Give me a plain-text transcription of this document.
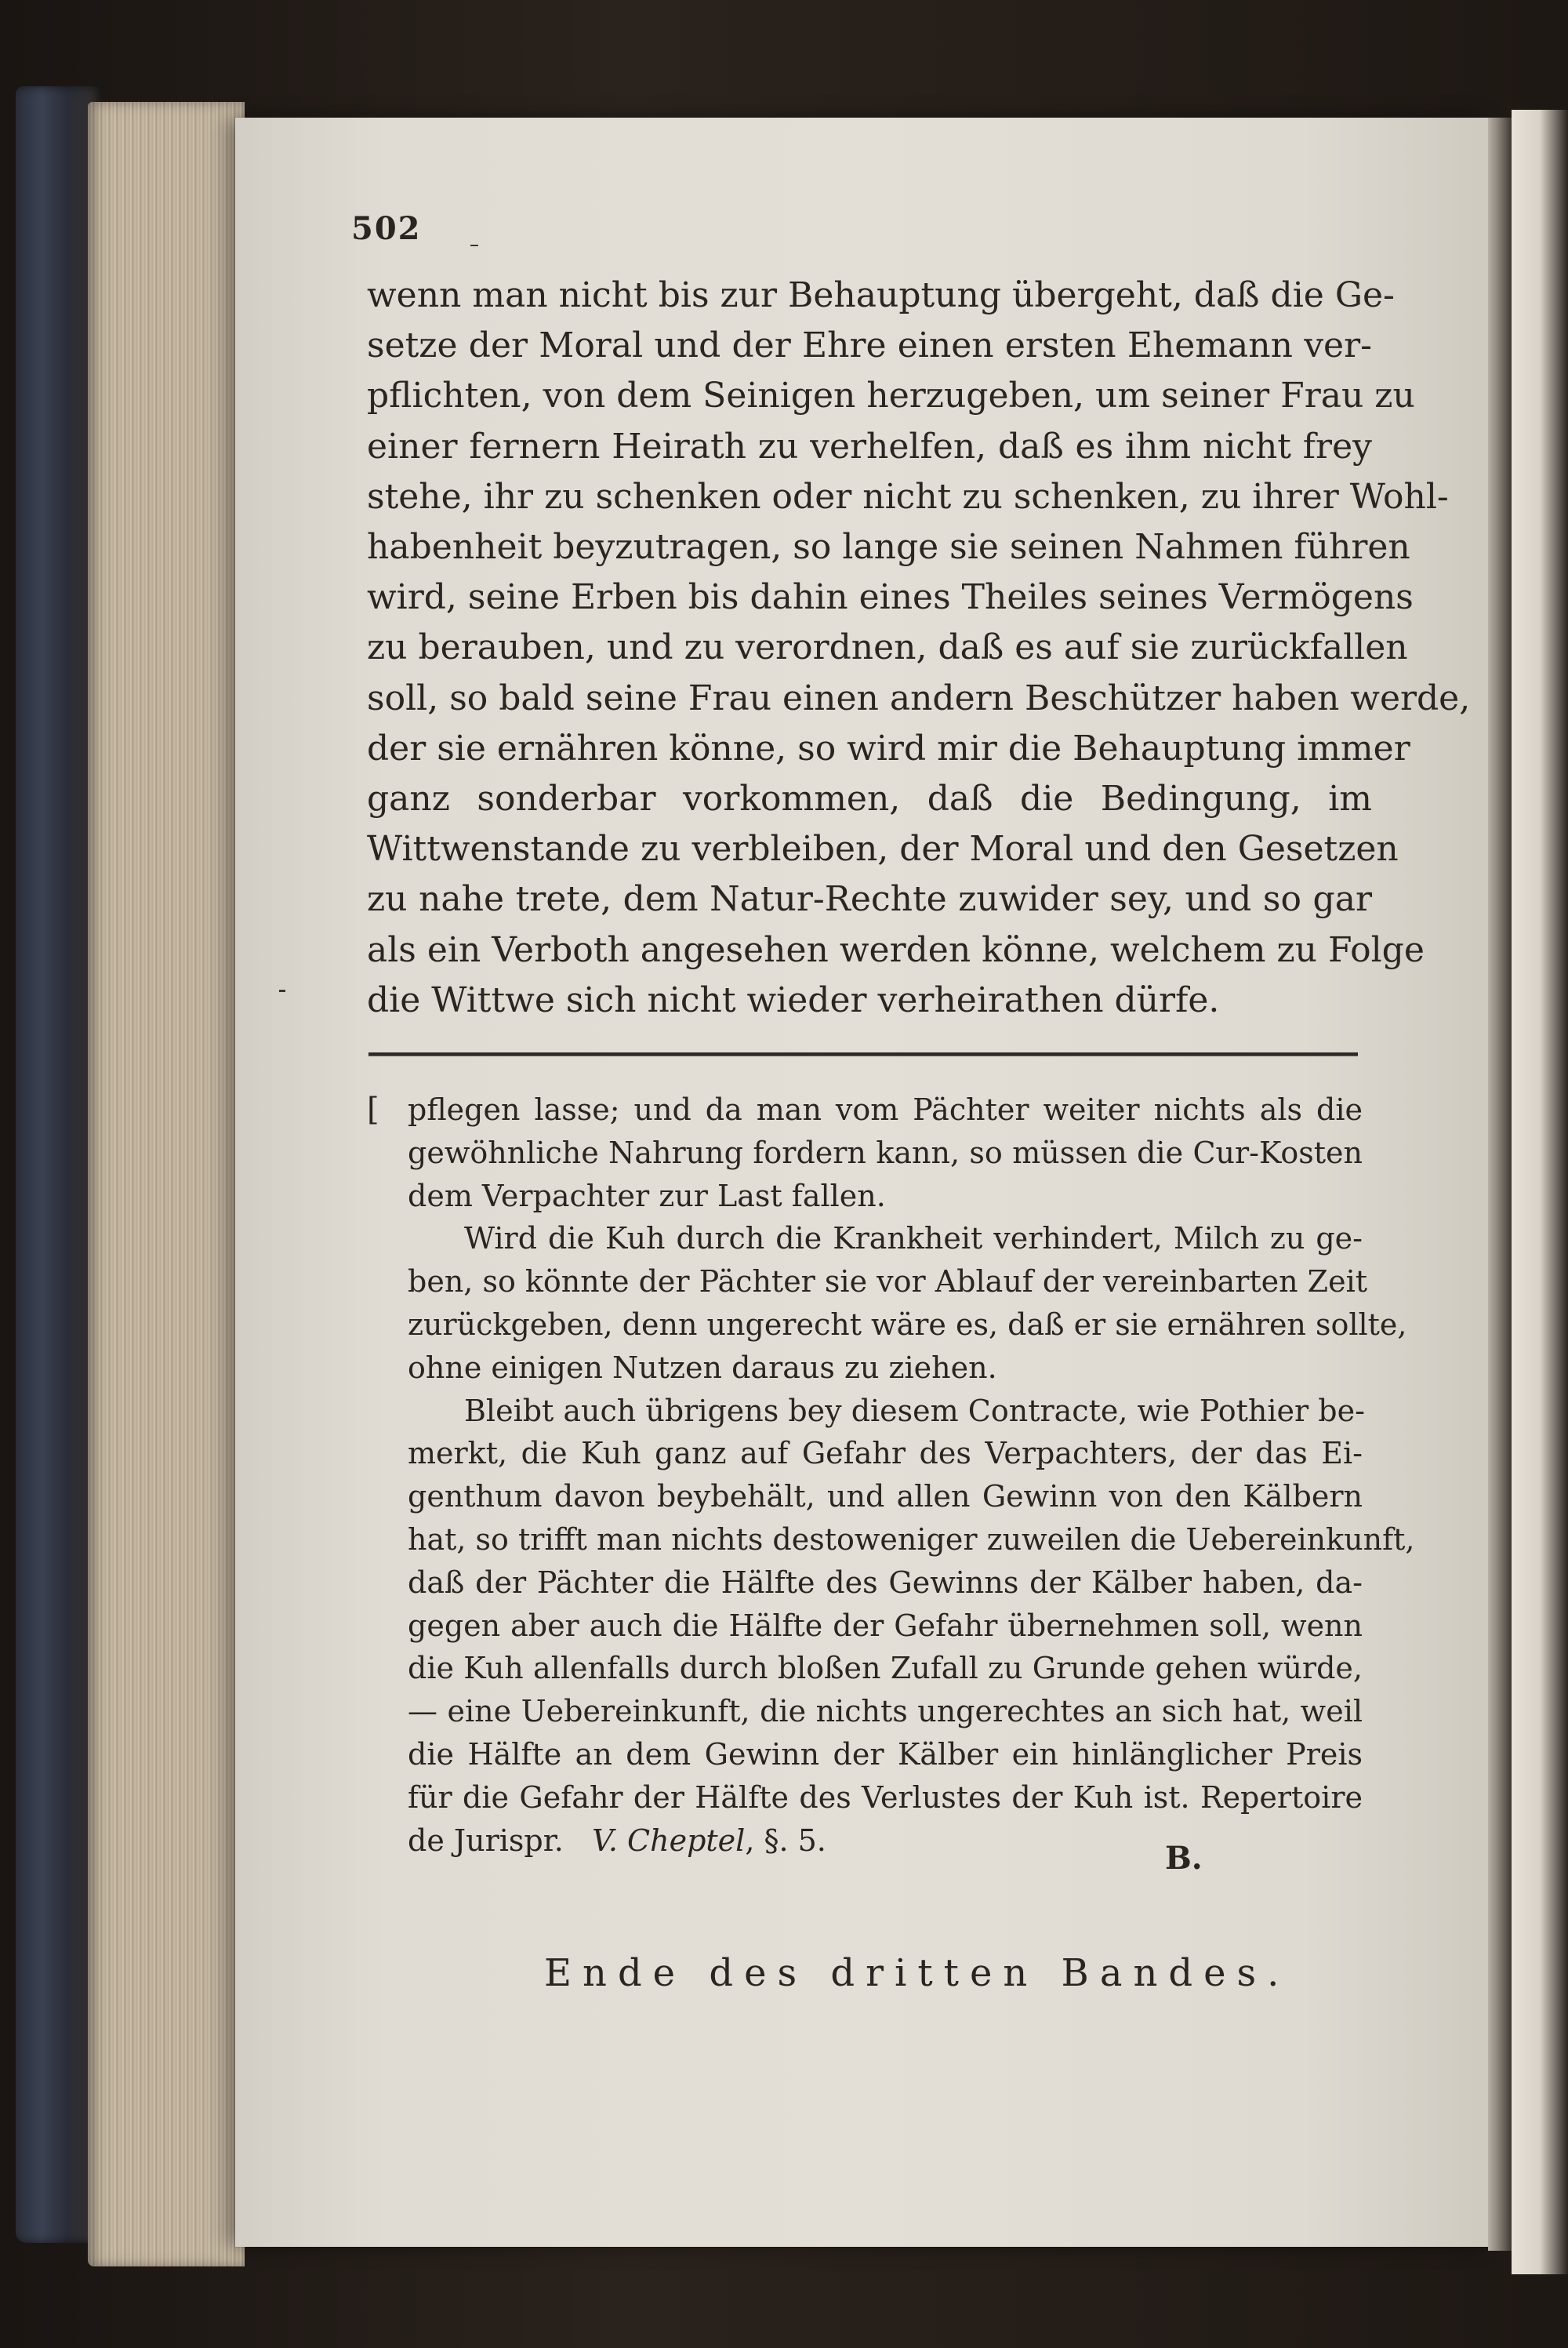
502
wenn man nicht bis zur Behauptung übergeht, daß die Ge-
setze der Moral und der Ehre einen ersten Ehemann ver-
pflichten, von dem Seinigen herzugeben, um seiner Frau zu
einer fernern Heirath zu verhelfen, daß es ihm nicht frey
stehe, ihr zu schenken oder nicht zu schenken, zu ihrer Wohl-
habenheit beyzutragen, so lange sie seinen Nahmen führen
wird, seine Erben bis dahin eines Theiles seines Vermögens
zu berauben, und zu verordnen, daß es auf sie zurückfallen
soll, so bald seine Frau einen andern Beschützer haben werde,
der sie ernähren könne, so wird mir die Behauptung immer
ganz sonderbar vorkommen, daß die Bedingung, im
Wittwenstande zu verbleiben, der Moral und den Gesetzen
zu nahe trete, dem Natur-Rechte zuwider sey, und so gar
als ein Verboth angesehen werden könne, welchem zu Folge
die Wittwe sich nicht wieder verheirathen dürfe.
[ pflegen lasse; und da man vom Pächter weiter nichts als die
gewöhnliche Nahrung fordern kann, so müssen die Cur-Kosten
dem Verpachter zur Last fallen.
Wird die Kuh durch die Krankheit verhindert, Milch zu ge-
ben, so könnte der Pächter sie vor Ablauf der vereinbarten Zeit
zurückgeben, denn ungerecht wäre es, daß er sie ernähren sollte,
ohne einigen Nutzen daraus zu ziehen.
Bleibt auch übrigens bey diesem Contracte, wie Pothier be-
merkt, die Kuh ganz auf Gefahr des Verpachters, der das Ei-
genthum davon beybehält, und allen Gewinn von den Kälbern
hat, so trifft man nichts destoweniger zuweilen die Uebereinkunft,
daß der Pächter die Hälfte des Gewinns der Kälber haben, da-
gegen aber auch die Hälfte der Gefahr übernehmen soll, wenn
die Kuh allenfalls durch bloßen Zufall zu Grunde gehen würde,
— eine Uebereinkunft, die nichts ungerechtes an sich hat, weil
die Hälfte an dem Gewinn der Kälber ein hinlänglicher Preis
für die Gefahr der Hälfte des Verlustes der Kuh ist. Repertoire
de Jurispr. V. Cheptel, §. 5.	B.
Ende des dritten Bandes.
